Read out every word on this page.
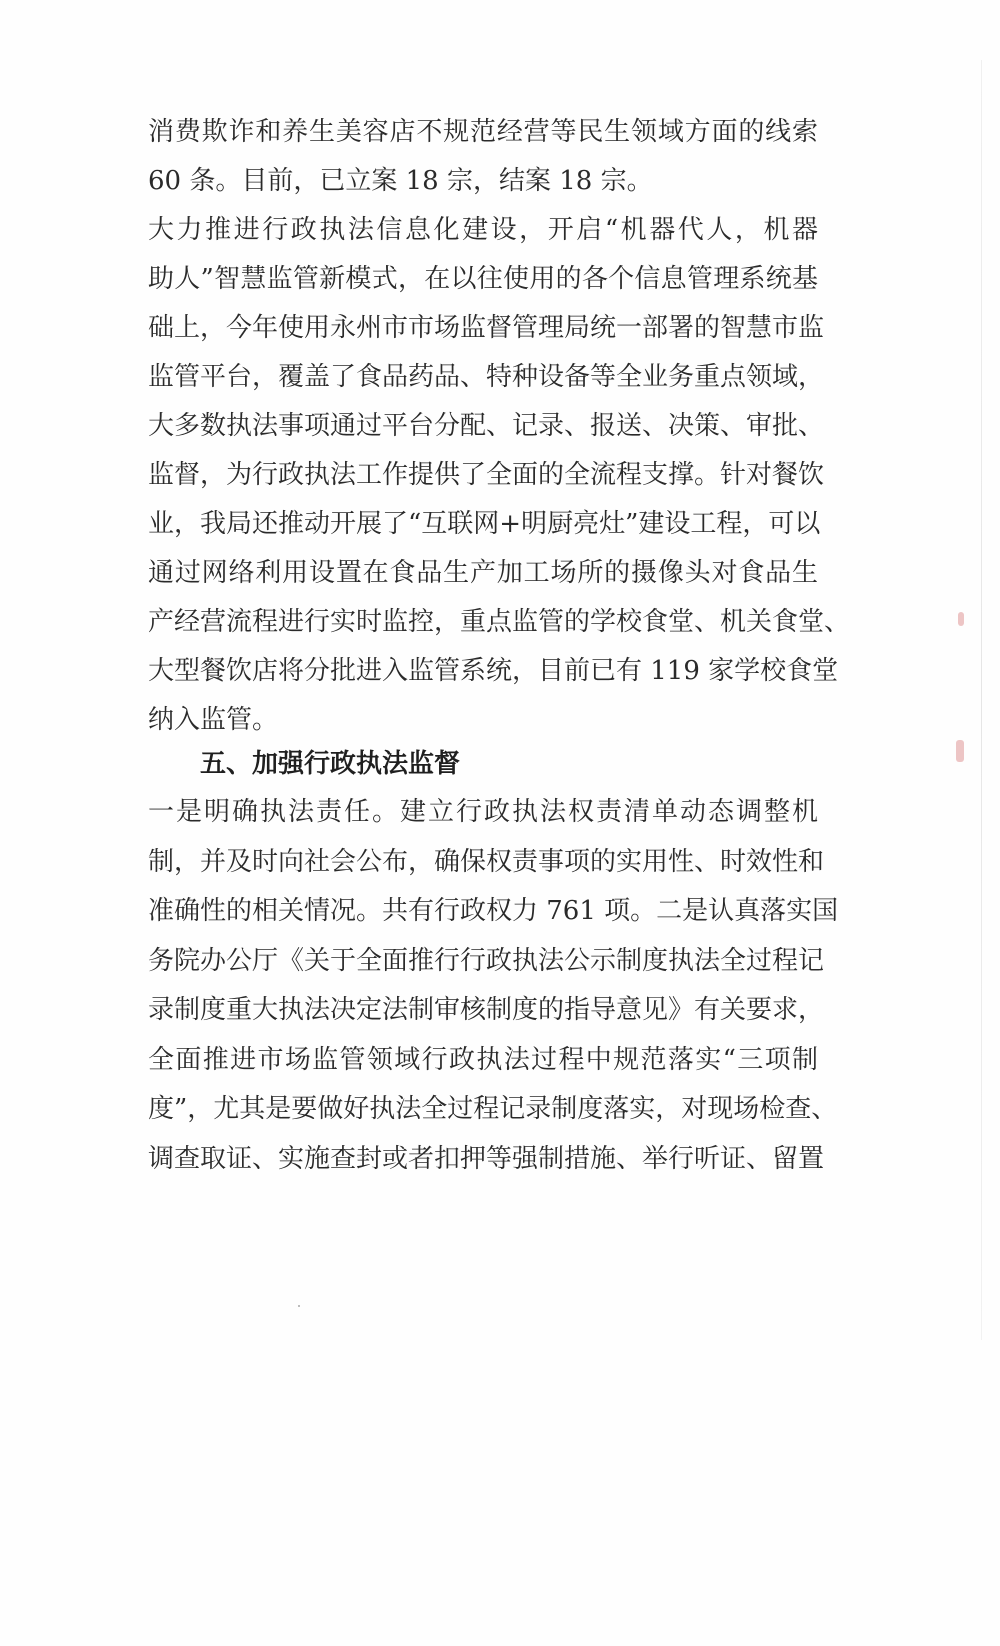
消费欺诈和养生美容店不规范经营等民生领域方面的线索
60 条。目前，已立案 18 宗，结案 18 宗。
大力推进行政执法信息化建设，开启“机器代人，机器
助人”智慧监管新模式，在以往使用的各个信息管理系统基
础上，今年使用永州市市场监督管理局统一部署的智慧市监
监管平台，覆盖了食品药品、特种设备等全业务重点领域，
大多数执法事项通过平台分配、记录、报送、决策、审批、
监督，为行政执法工作提供了全面的全流程支撑。针对餐饮
业，我局还推动开展了“互联网+明厨亮灶”建设工程，可以
通过网络利用设置在食品生产加工场所的摄像头对食品生
产经营流程进行实时监控，重点监管的学校食堂、机关食堂、
大型餐饮店将分批进入监管系统，目前已有 119 家学校食堂
纳入监管。
五、加强行政执法监督
一是明确执法责任。建立行政执法权责清单动态调整机
制，并及时向社会公布，确保权责事项的实用性、时效性和
准确性的相关情况。共有行政权力 761 项。二是认真落实国
务院办公厅《关于全面推行行政执法公示制度执法全过程记
录制度重大执法决定法制审核制度的指导意见》有关要求，
全面推进市场监管领域行政执法过程中规范落实“三项制
度”，尤其是要做好执法全过程记录制度落实，对现场检查、
调查取证、实施查封或者扣押等强制措施、举行听证、留置
